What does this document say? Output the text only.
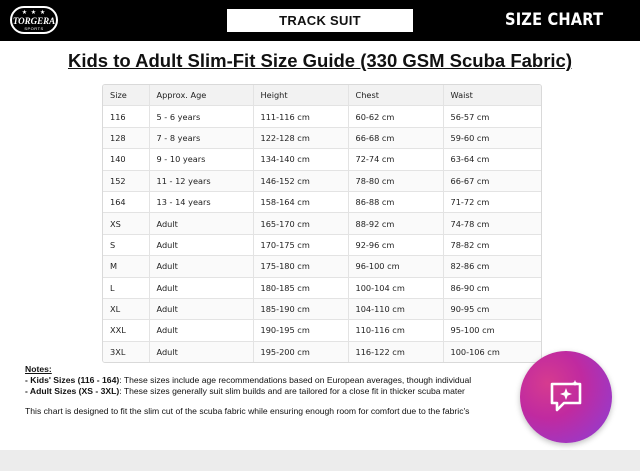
★ ★ ★
TORGERA
SPORTS	TRACK SUIT	SIZE CHART
Kids to Adult Slim-Fit Size Guide (330 GSM Scuba Fabric)
Size	Approx. Age	Height	Chest	Waist
116	5 - 6 years	111-116 cm	60-62 cm	56-57 cm
128	7 - 8 years	122-128 cm	66-68 cm	59-60 cm
140	9 - 10 years	134-140 cm	72-74 cm	63-64 cm
152	11 - 12 years	146-152 cm	78-80 cm	66-67 cm
164	13 - 14 years	158-164 cm	86-88 cm	71-72 cm
XS	Adult	165-170 cm	88-92 cm	74-78 cm
S	Adult	170-175 cm	92-96 cm	78-82 cm
M	Adult	175-180 cm	96-100 cm	82-86 cm
L	Adult	180-185 cm	100-104 cm	86-90 cm
XL	Adult	185-190 cm	104-110 cm	90-95 cm
XXL	Adult	190-195 cm	110-116 cm	95-100 cm
3XL	Adult	195-200 cm	116-122 cm	100-106 cm
Notes:
- Kids' Sizes (116 - 164): These sizes include age recommendations based on European averages, though individual
- Adult Sizes (XS - 3XL): These sizes generally suit slim builds and are tailored for a close fit in thicker scuba mater
This chart is designed to fit the slim cut of the scuba fabric while ensuring enough room for comfort due to the fabric's
